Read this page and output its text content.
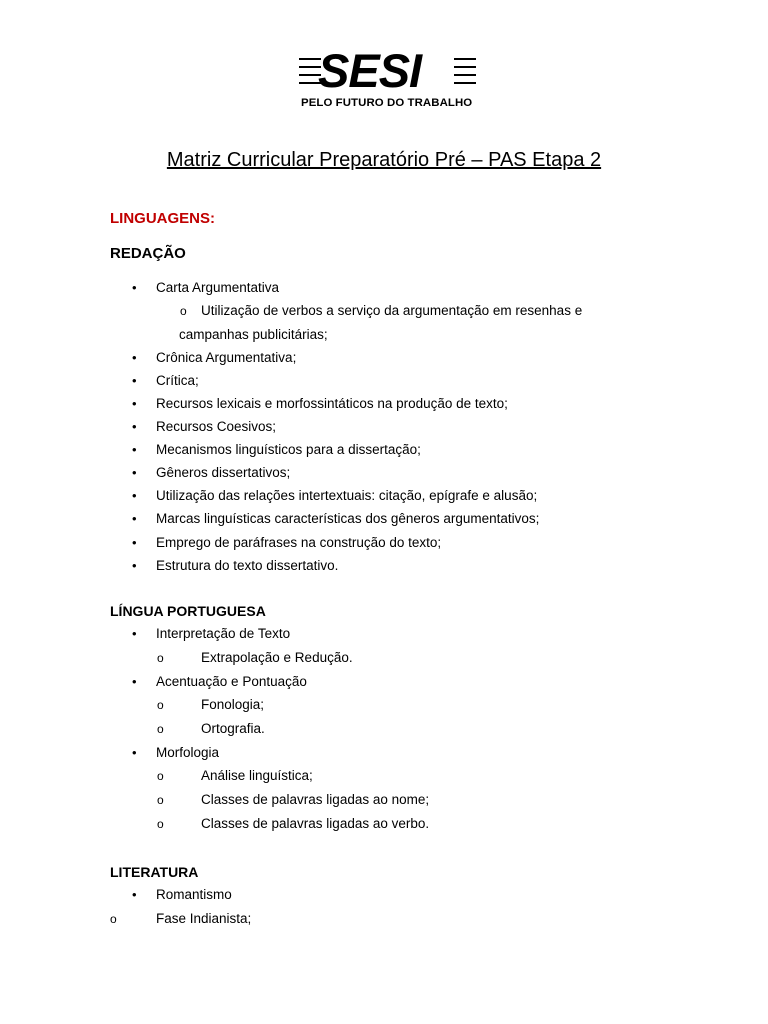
SESI
PELO FUTURO DO TRABALHO
Matriz Curricular Preparatório Pré – PAS Etapa 2
LINGUAGENS:
REDAÇÃO
• Carta Argumentativa
o Utilização de verbos a serviço da argumentação em resenhas e
campanhas publicitárias;
• Crônica Argumentativa;
• Crítica;
• Recursos lexicais e morfossintáticos na produção de texto;
• Recursos Coesivos;
• Mecanismos linguísticos para a dissertação;
• Gêneros dissertativos;
• Utilização das relações intertextuais: citação, epígrafe e alusão;
• Marcas linguísticas características dos gêneros argumentativos;
• Emprego de paráfrases na construção do texto;
• Estrutura do texto dissertativo.
LÍNGUA PORTUGUESA
• Interpretação de Texto
o	Extrapolação e Redução.
• Acentuação e Pontuação
o	Fonologia;
o	Ortografia.
• Morfologia
o	Análise linguística;
o	Classes de palavras ligadas ao nome;
o	Classes de palavras ligadas ao verbo.
LITERATURA
• Romantismo
o	Fase Indianista;
